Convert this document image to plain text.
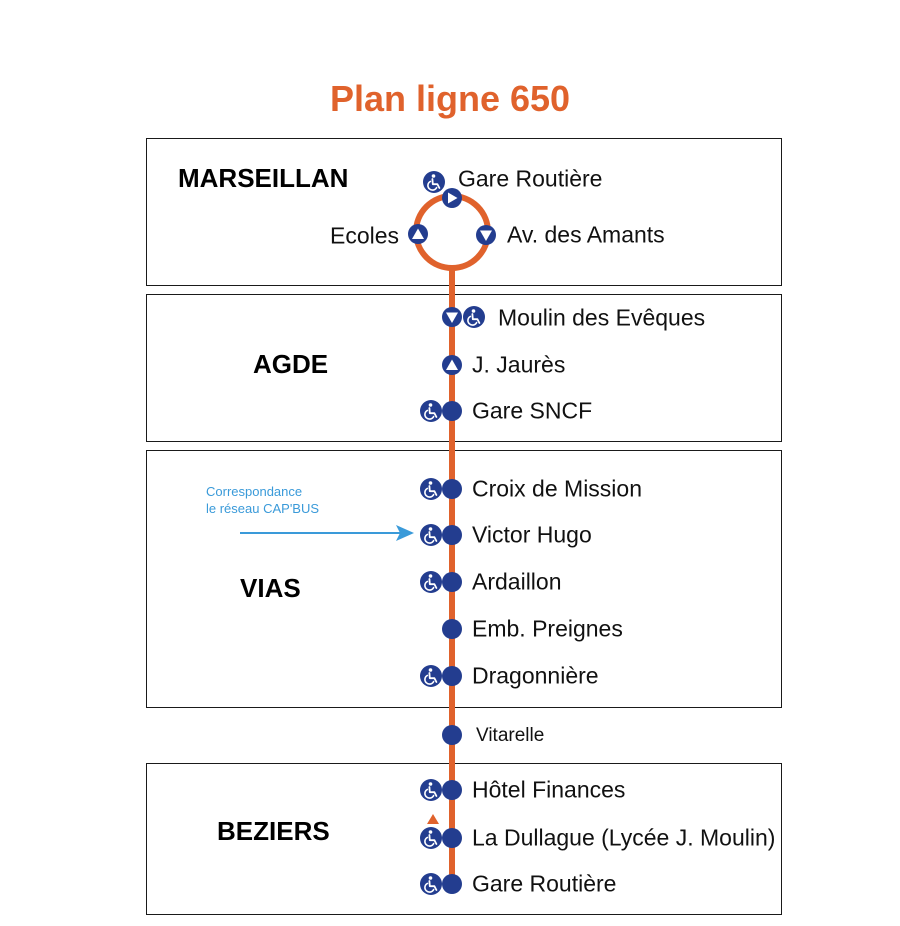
Plan ligne 650
MARSEILLAN
AGDE
VIAS
BEZIERS
Gare Routière
Ecoles	Av. des Amants
Moulin des Evêques
J. Jaurès
Gare SNCF
Croix de Mission
Victor Hugo
Ardaillon
Emb. Preignes
Dragonnière
Vitarelle
Hôtel Finances
La Dullague (Lycée J. Moulin)
Gare Routière
Correspondance
le réseau CAP'BUS
